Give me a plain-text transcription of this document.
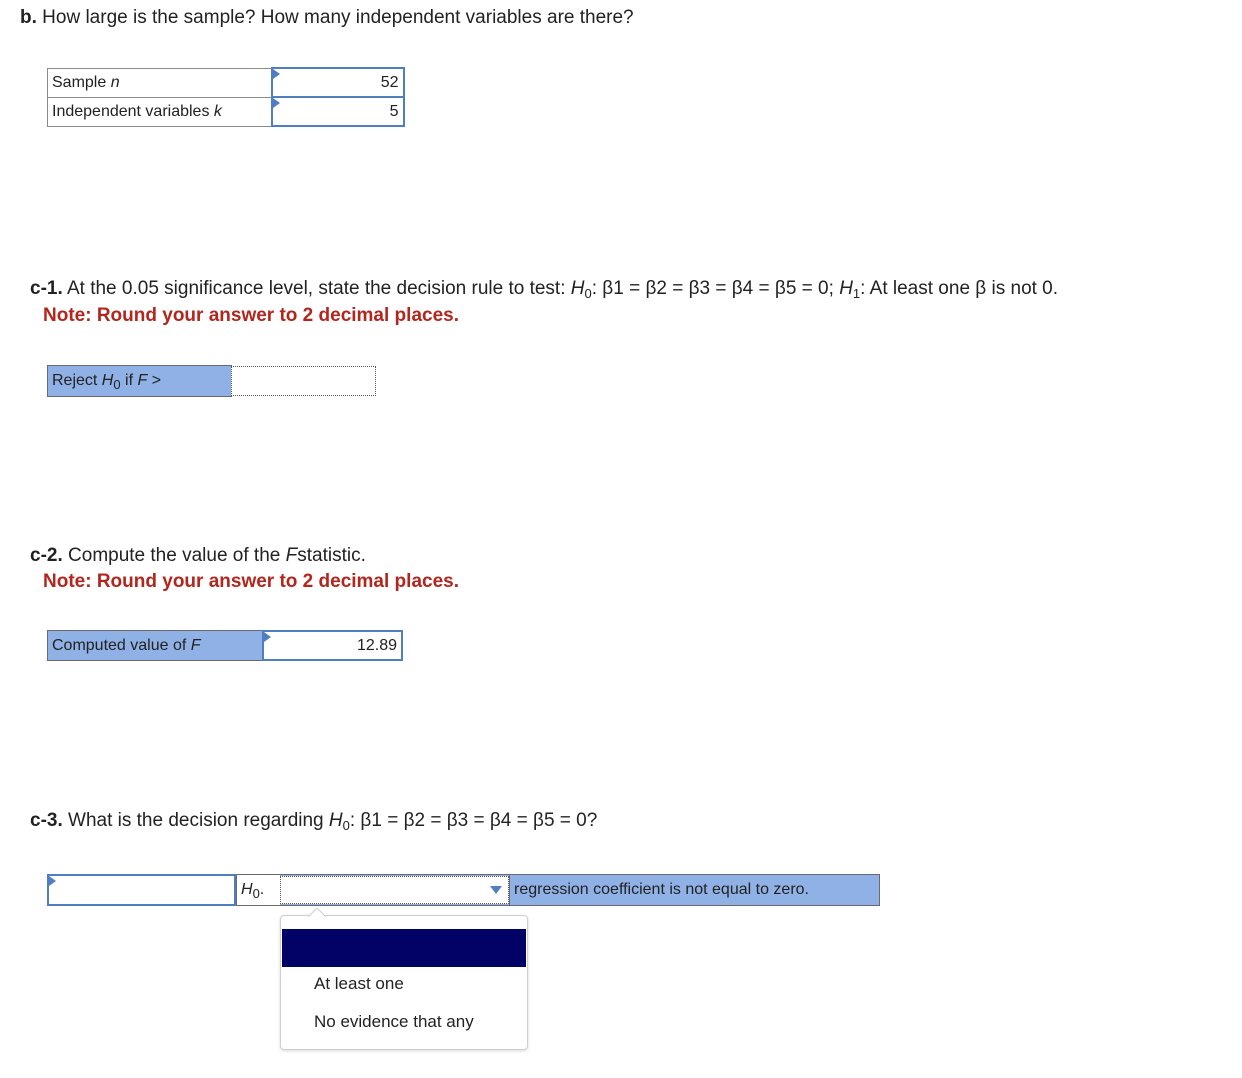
b. How large is the sample? How many independent variables are there?
Sample n	52
Independent variables k	5
c-1. At the 0.05 significance level, state the decision rule to test: $H_0$: β1 = β2 = β3 = β4 = β5 = 0; $H_1$: At least one β is not 0.
Note: Round your answer to 2 decimal places.
Reject $H_0$ if F >
c-2. Compute the value of the Fstatistic.
Note: Round your answer to 2 decimal places.
Computed value of F	12.89
c-3. What is the decision regarding $H_0$: β1 = β2 = β3 = β4 = β5 = 0?
$H_0$.	regression coefficient is not equal to zero.
At least one
No evidence that any
